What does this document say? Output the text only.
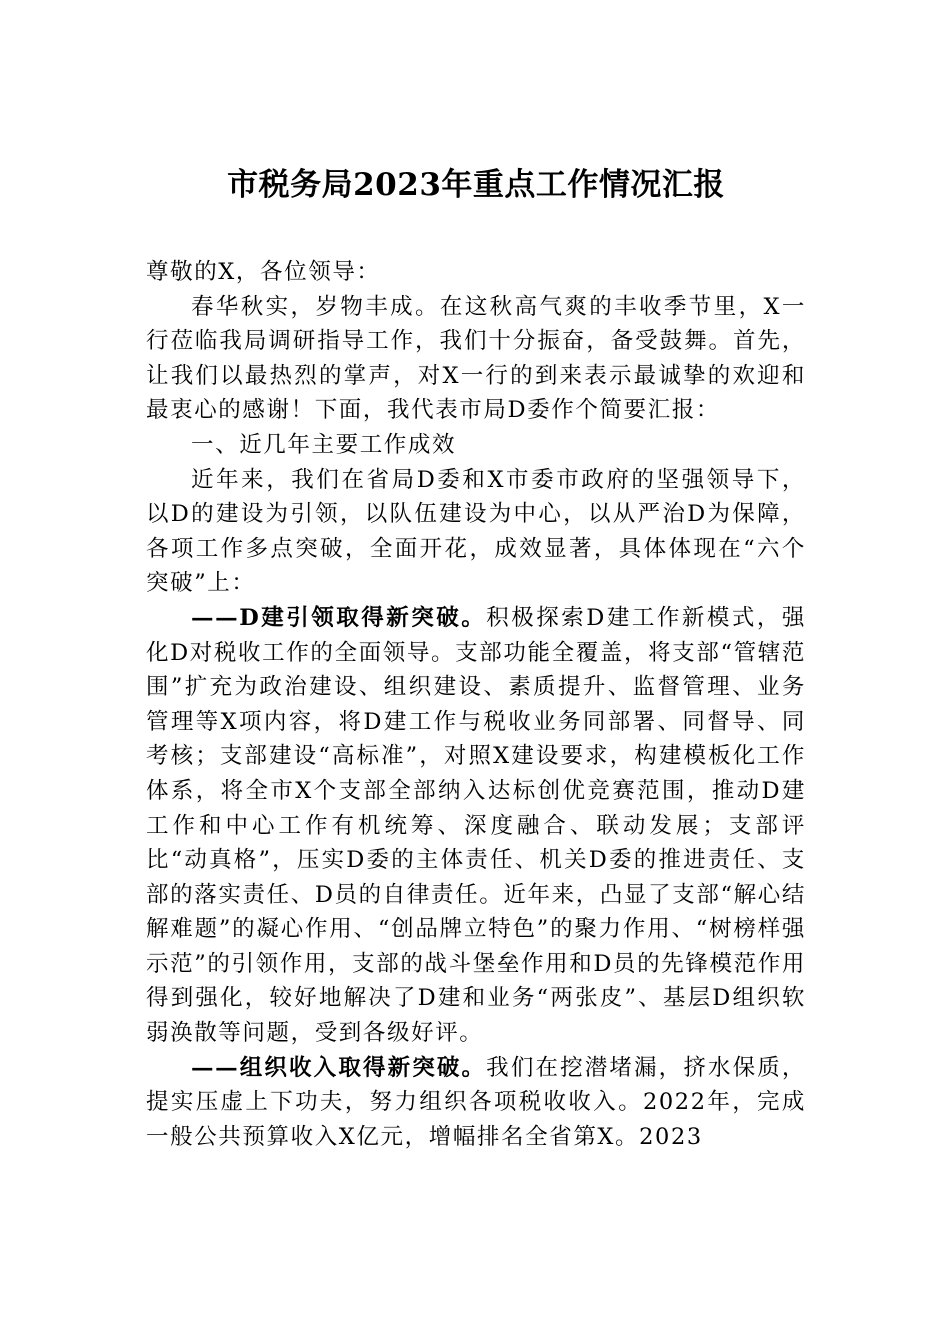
市税务局2023年重点工作情况汇报

尊敬的X，各位领导：

春华秋实，岁物丰成。在这秋高气爽的丰收季节里，X一行莅临我局调研指导工作，我们十分振奋，备受鼓舞。首先，让我们以最热烈的掌声，对X一行的到来表示最诚挚的欢迎和最衷心的感谢！下面，我代表市局D委作个简要汇报：

一、近几年主要工作成效

近年来，我们在省局D委和X市委市政府的坚强领导下，以D的建设为引领，以队伍建设为中心，以从严治D为保障，各项工作多点突破，全面开花，成效显著，具体体现在“六个突破”上：

——D建引领取得新突破。积极探索D建工作新模式，强化D对税收工作的全面领导。支部功能全覆盖，将支部“管辖范围”扩充为政治建设、组织建设、素质提升、监督管理、业务管理等X项内容，将D建工作与税收业务同部署、同督导、同考核；支部建设“高标准”，对照X建设要求，构建模板化工作体系，将全市X个支部全部纳入达标创优竞赛范围，推动D建工作和中心工作有机统筹、深度融合、联动发展；支部评比“动真格”，压实D委的主体责任、机关D委的推进责任、支部的落实责任、D员的自律责任。近年来，凸显了支部“解心结解难题”的凝心作用、“创品牌立特色”的聚力作用、“树榜样强示范”的引领作用，支部的战斗堡垒作用和D员的先锋模范作用得到强化，较好地解决了D建和业务“两张皮”、基层D组织软弱涣散等问题，受到各级好评。

——组织收入取得新突破。我们在挖潜堵漏，挤水保质，提实压虚上下功夫，努力组织各项税收收入。2022年，完成一般公共预算收入X亿元，增幅排名全省第X。2023
